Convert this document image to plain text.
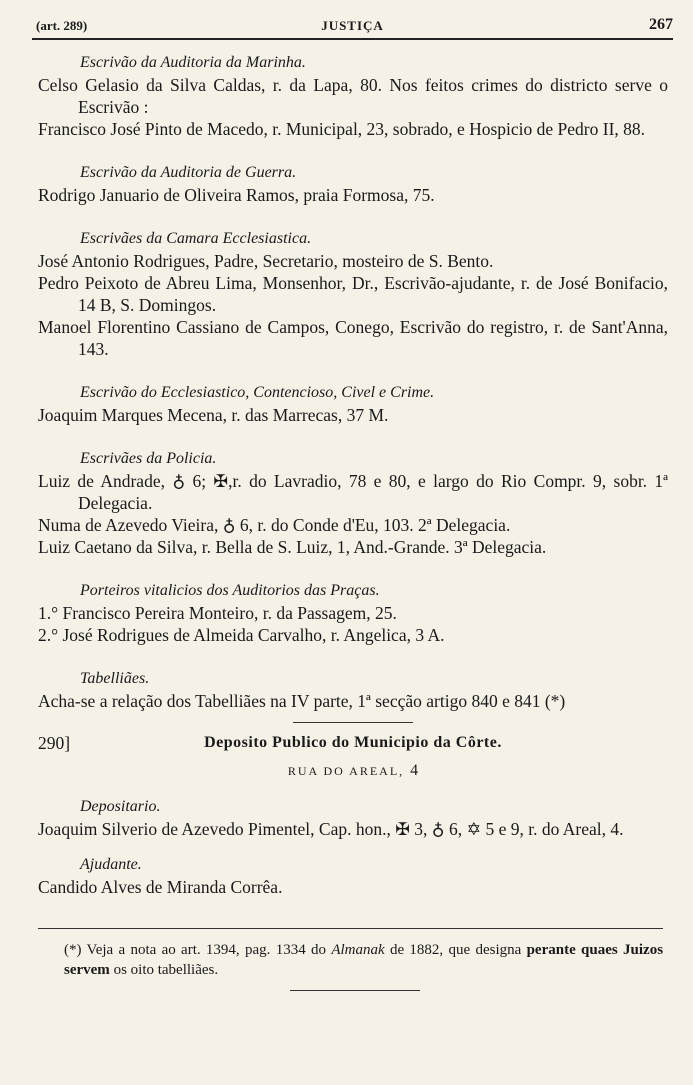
(art. 289)	JUSTIÇA	267
Escrivão da Auditoria da Marinha.
Celso Gelasio da Silva Caldas, r. da Lapa, 80. Nos feitos crimes do districto serve o Escrivão :
Francisco José Pinto de Macedo, r. Municipal, 23, sobrado, e Hospicio de Pedro II, 88.
Escrivão da Auditoria de Guerra.
Rodrigo Januario de Oliveira Ramos, praia Formosa, 75.
Escrivães da Camara Ecclesiastica.
José Antonio Rodrigues, Padre, Secretario, mosteiro de S. Bento.
Pedro Peixoto de Abreu Lima, Monsenhor, Dr., Escrivão-ajudante, r. de José Bonifacio, 14 B, S. Domingos.
Manoel Florentino Cassiano de Campos, Conego, Escrivão do registro, r. de Sant'Anna, 143.
Escrivão do Ecclesiastico, Contencioso, Civel e Crime.
Joaquim Marques Mecena, r. das Marrecas, 37 M.
Escrivães da Policia.
Luiz de Andrade, ♁ 6; ✠,r. do Lavradio, 78 e 80, e largo do Rio Compr. 9, sobr. 1ª Delegacia.
Numa de Azevedo Vieira, ♁ 6, r. do Conde d'Eu, 103. 2ª Delegacia.
Luiz Caetano da Silva, r. Bella de S. Luiz, 1, And.-Grande. 3ª Delegacia.
Porteiros vitalicios dos Auditorios das Praças.
1.° Francisco Pereira Monteiro, r. da Passagem, 25.
2.° José Rodrigues de Almeida Carvalho, r. Angelica, 3 A.
Tabelliães.
Acha-se a relação dos Tabelliães na IV parte, 1ª secção artigo 840 e 841 (*)
290]	Deposito Publico do Municipio da Côrte.
RUA DO AREAL, 4
Depositario.
Joaquim Silverio de Azevedo Pimentel, Cap. hon., ✠ 3, ♁ 6, ✡ 5 e 9, r. do Areal, 4.
Ajudante.
Candido Alves de Miranda Corrêa.
(*) Veja a nota ao art. 1394, pag. 1334 do Almanak de 1882, que designa perante quaes Juizos servem os oito tabelliães.
